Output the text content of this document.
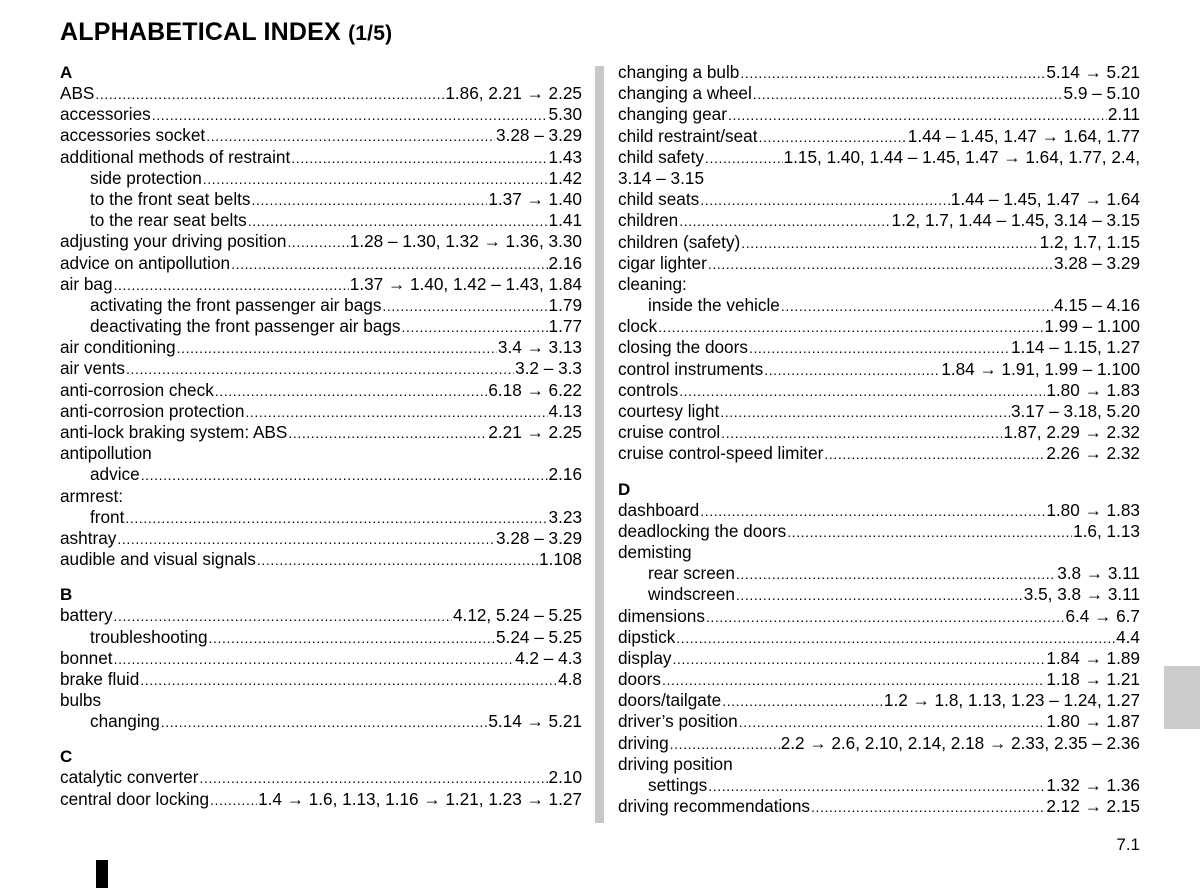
ALPHABETICAL INDEX (1/5)
A
ABS .....	1.86, 2.21 → 2.25
accessories .....	5.30
accessories socket .....	3.28 – 3.29
additional methods of restraint .....	1.43
side protection .....	1.42
to the front seat belts .....	1.37 → 1.40
to the rear seat belts .....	1.41
adjusting your driving position .....	1.28 – 1.30, 1.32 → 1.36, 3.30
advice on antipollution .....	2.16
air bag .....	1.37 → 1.40, 1.42 – 1.43, 1.84
activating the front passenger air bags .....	1.79
deactivating the front passenger air bags .....	1.77
air conditioning .....	3.4 → 3.13
air vents .....	3.2 – 3.3
anti-corrosion check .....	6.18 → 6.22
anti-corrosion protection .....	4.13
anti-lock braking system: ABS .....	2.21 → 2.25
antipollution
advice .....	2.16
armrest:
front .....	3.23
ashtray .....	3.28 – 3.29
audible and visual signals .....	1.108
B
battery .....	4.12, 5.24 – 5.25
troubleshooting .....	5.24 – 5.25
bonnet .....	4.2 – 4.3
brake fluid .....	4.8
bulbs
changing .....	5.14 → 5.21
C
catalytic converter .....	2.10
central door locking .....	1.4 → 1.6, 1.13, 1.16 → 1.21, 1.23 → 1.27
changing a bulb .....	5.14 → 5.21
changing a wheel .....	5.9 – 5.10
changing gear .....	2.11
child restraint/seat .....	1.44 – 1.45, 1.47 → 1.64, 1.77
child safety .....	1.15, 1.40, 1.44 – 1.45, 1.47 → 1.64, 1.77, 2.4,
3.14 – 3.15
child seats .....	1.44 – 1.45, 1.47 → 1.64
children .....	1.2, 1.7, 1.44 – 1.45, 3.14 – 3.15
children (safety) .....	1.2, 1.7, 1.15
cigar lighter .....	3.28 – 3.29
cleaning:
inside the vehicle .....	4.15 – 4.16
clock .....	1.99 – 1.100
closing the doors .....	1.14 – 1.15, 1.27
control instruments .....	1.84 → 1.91, 1.99 – 1.100
controls .....	1.80 → 1.83
courtesy light .....	3.17 – 3.18, 5.20
cruise control .....	1.87, 2.29 → 2.32
cruise control-speed limiter .....	2.26 → 2.32
D
dashboard .....	1.80 → 1.83
deadlocking the doors .....	1.6, 1.13
demisting
rear screen .....	3.8 → 3.11
windscreen .....	3.5, 3.8 → 3.11
dimensions .....	6.4 → 6.7
dipstick .....	4.4
display .....	1.84 → 1.89
doors .....	1.18 → 1.21
doors/tailgate .....	1.2 → 1.8, 1.13, 1.23 – 1.24, 1.27
driver’s position .....	1.80 → 1.87
driving .....	2.2 → 2.6, 2.10, 2.14, 2.18 → 2.33, 2.35 – 2.36
driving position
settings .....	1.32 → 1.36
driving recommendations .....	2.12 → 2.15
7.1
